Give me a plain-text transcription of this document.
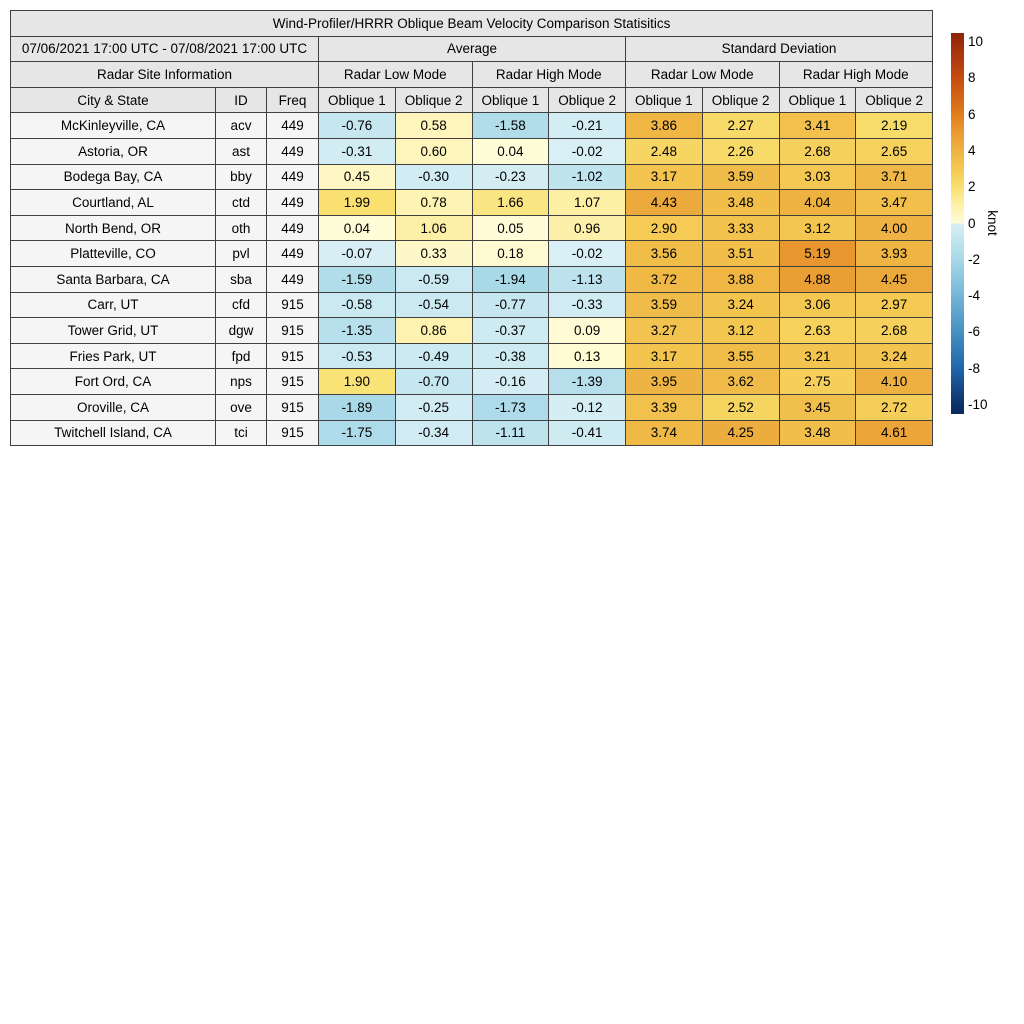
Wind-Profiler/HRRR Oblique Beam Velocity Comparison Statisitics										
07/06/2021 17:00 UTC - 07/08/2021 17:00 UTC			Average				Standard Deviation			
Radar Site Information			Radar Low Mode		Radar High Mode		Radar Low Mode		Radar High Mode	
City & State	ID	Freq	Oblique 1	Oblique 2	Oblique 1	Oblique 2	Oblique 1	Oblique 2	Oblique 1	Oblique 2
McKinleyville, CA	acv	449	-0.76	0.58	-1.58	-0.21	3.86	2.27	3.41	2.19
Astoria, OR	ast	449	-0.31	0.60	0.04	-0.02	2.48	2.26	2.68	2.65
Bodega Bay, CA	bby	449	0.45	-0.30	-0.23	-1.02	3.17	3.59	3.03	3.71
Courtland, AL	ctd	449	1.99	0.78	1.66	1.07	4.43	3.48	4.04	3.47
North Bend, OR	oth	449	0.04	1.06	0.05	0.96	2.90	3.33	3.12	4.00
Platteville, CO	pvl	449	-0.07	0.33	0.18	-0.02	3.56	3.51	5.19	3.93
Santa Barbara, CA	sba	449	-1.59	-0.59	-1.94	-1.13	3.72	3.88	4.88	4.45
Carr, UT	cfd	915	-0.58	-0.54	-0.77	-0.33	3.59	3.24	3.06	2.97
Tower Grid, UT	dgw	915	-1.35	0.86	-0.37	0.09	3.27	3.12	2.63	2.68
Fries Park, UT	fpd	915	-0.53	-0.49	-0.38	0.13	3.17	3.55	3.21	3.24
Fort Ord, CA	nps	915	1.90	-0.70	-0.16	-1.39	3.95	3.62	2.75	4.10
Oroville, CA	ove	915	-1.89	-0.25	-1.73	-0.12	3.39	2.52	3.45	2.72
Twitchell Island, CA	tci	915	-1.75	-0.34	-1.11	-0.41	3.74	4.25	3.48	4.61
10
8
6
4
2
0
-2
-4
-6
-8
-10
knot
